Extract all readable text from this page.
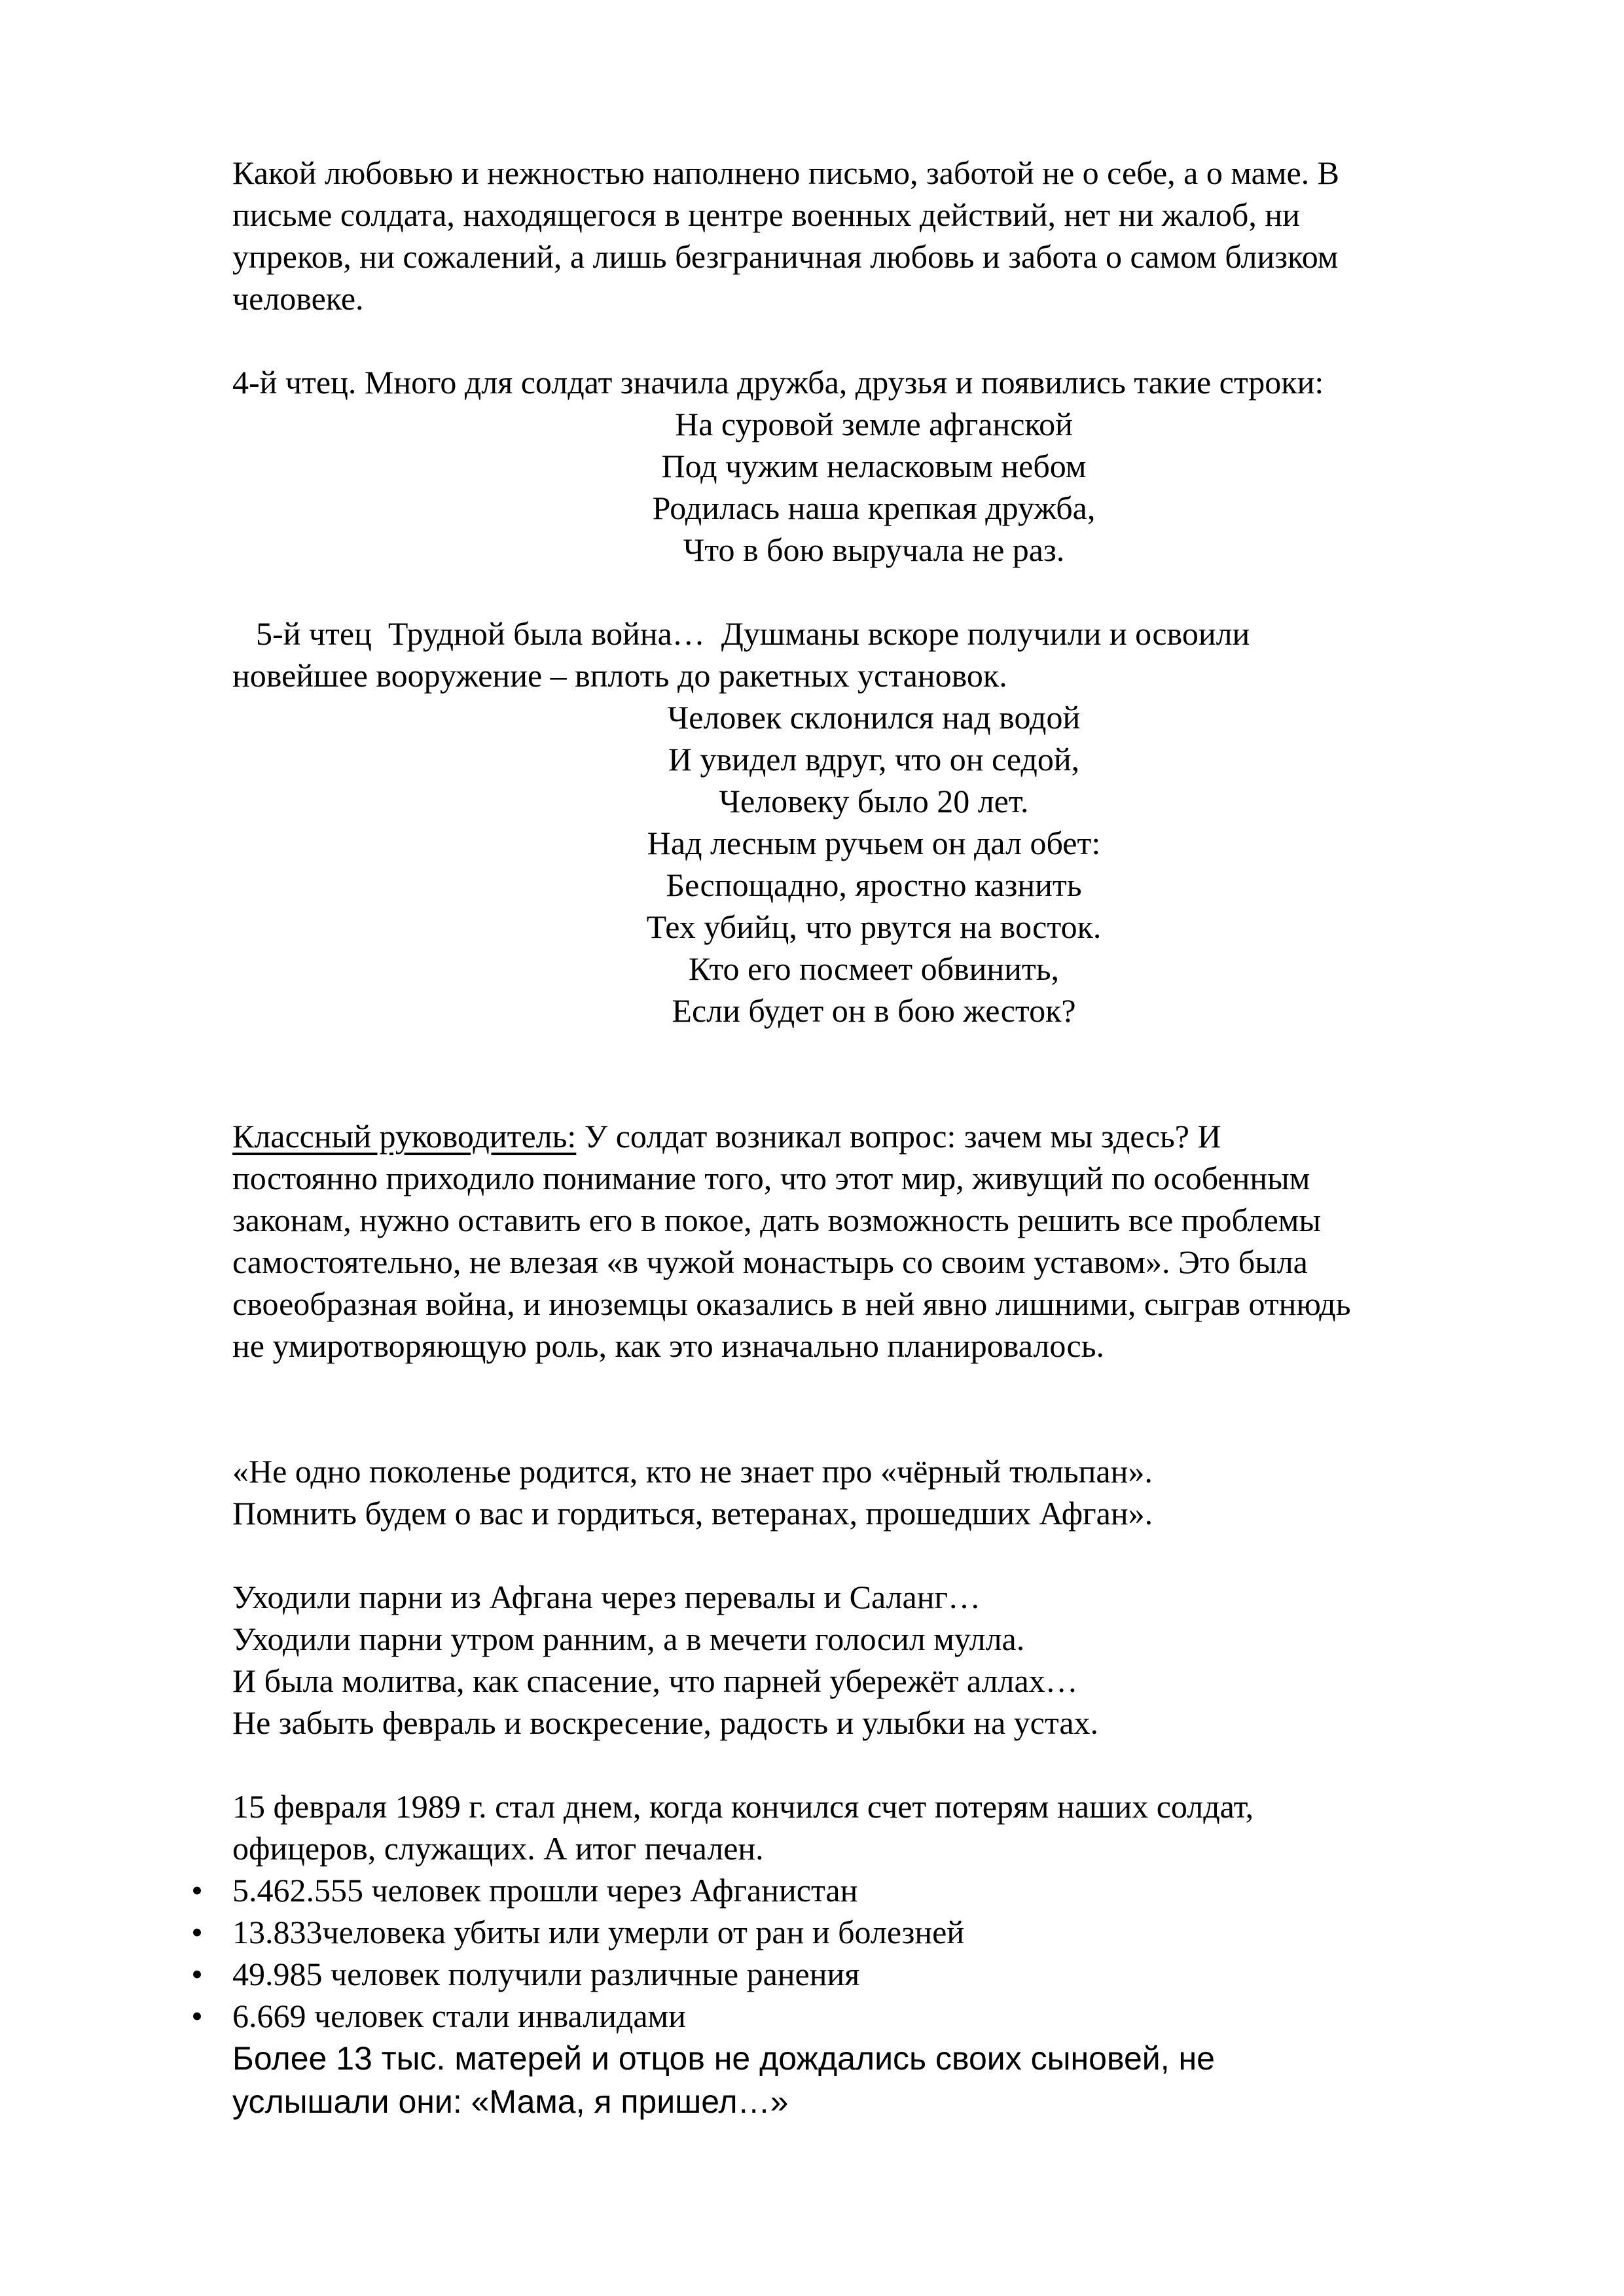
Какой любовью и нежностью наполнено письмо, заботой не о себе, а о маме. В
письме солдата, находящегося в центре военных действий, нет ни жалоб, ни
упреков, ни сожалений, а лишь безграничная любовь и забота о самом близком
человеке.
4-й чтец. Много для солдат значила дружба, друзья и появились такие строки:
На суровой земле афганской
Под чужим неласковым небом
Родилась наша крепкая дружба,
Что в бою выручала не раз.
5-й чтец  Трудной была война…  Душманы вскоре получили и освоили
новейшее вооружение – вплоть до ракетных установок.
Человек склонился над водой
И увидел вдруг, что он седой,
Человеку было 20 лет.
Над лесным ручьем он дал обет:
Беспощадно, яростно казнить
Тех убийц, что рвутся на восток.
Кто его посмеет обвинить,
Если будет он в бою жесток?
Классный руководитель: У солдат возникал вопрос: зачем мы здесь? И
постоянно приходило понимание того, что этот мир, живущий по особенным
законам, нужно оставить его в покое, дать возможность решить все проблемы
самостоятельно, не влезая «в чужой монастырь со своим уставом». Это была
своеобразная война, и иноземцы оказались в ней явно лишними, сыграв отнюдь
не умиротворяющую роль, как это изначально планировалось.
«Не одно поколенье родится, кто не знает про «чёрный тюльпан».
Помнить будем о вас и гордиться, ветеранах, прошедших Афган».
Уходили парни из Афгана через перевалы и Саланг…
Уходили парни утром ранним, а в мечети голосил мулла.
И была молитва, как спасение, что парней убережёт аллах…
Не забыть февраль и воскресение, радость и улыбки на устах.
15 февраля 1989 г. стал днем, когда кончился счет потерям наших солдат,
офицеров, служащих. А итог печален.
• 5.462.555 человек прошли через Афганистан
• 13.833человека убиты или умерли от ран и болезней
• 49.985 человек получили различные ранения
• 6.669 человек стали инвалидами
Более 13 тыс. матерей и отцов не дождались своих сыновей, не
услышали они: «Мама, я пришел…»
